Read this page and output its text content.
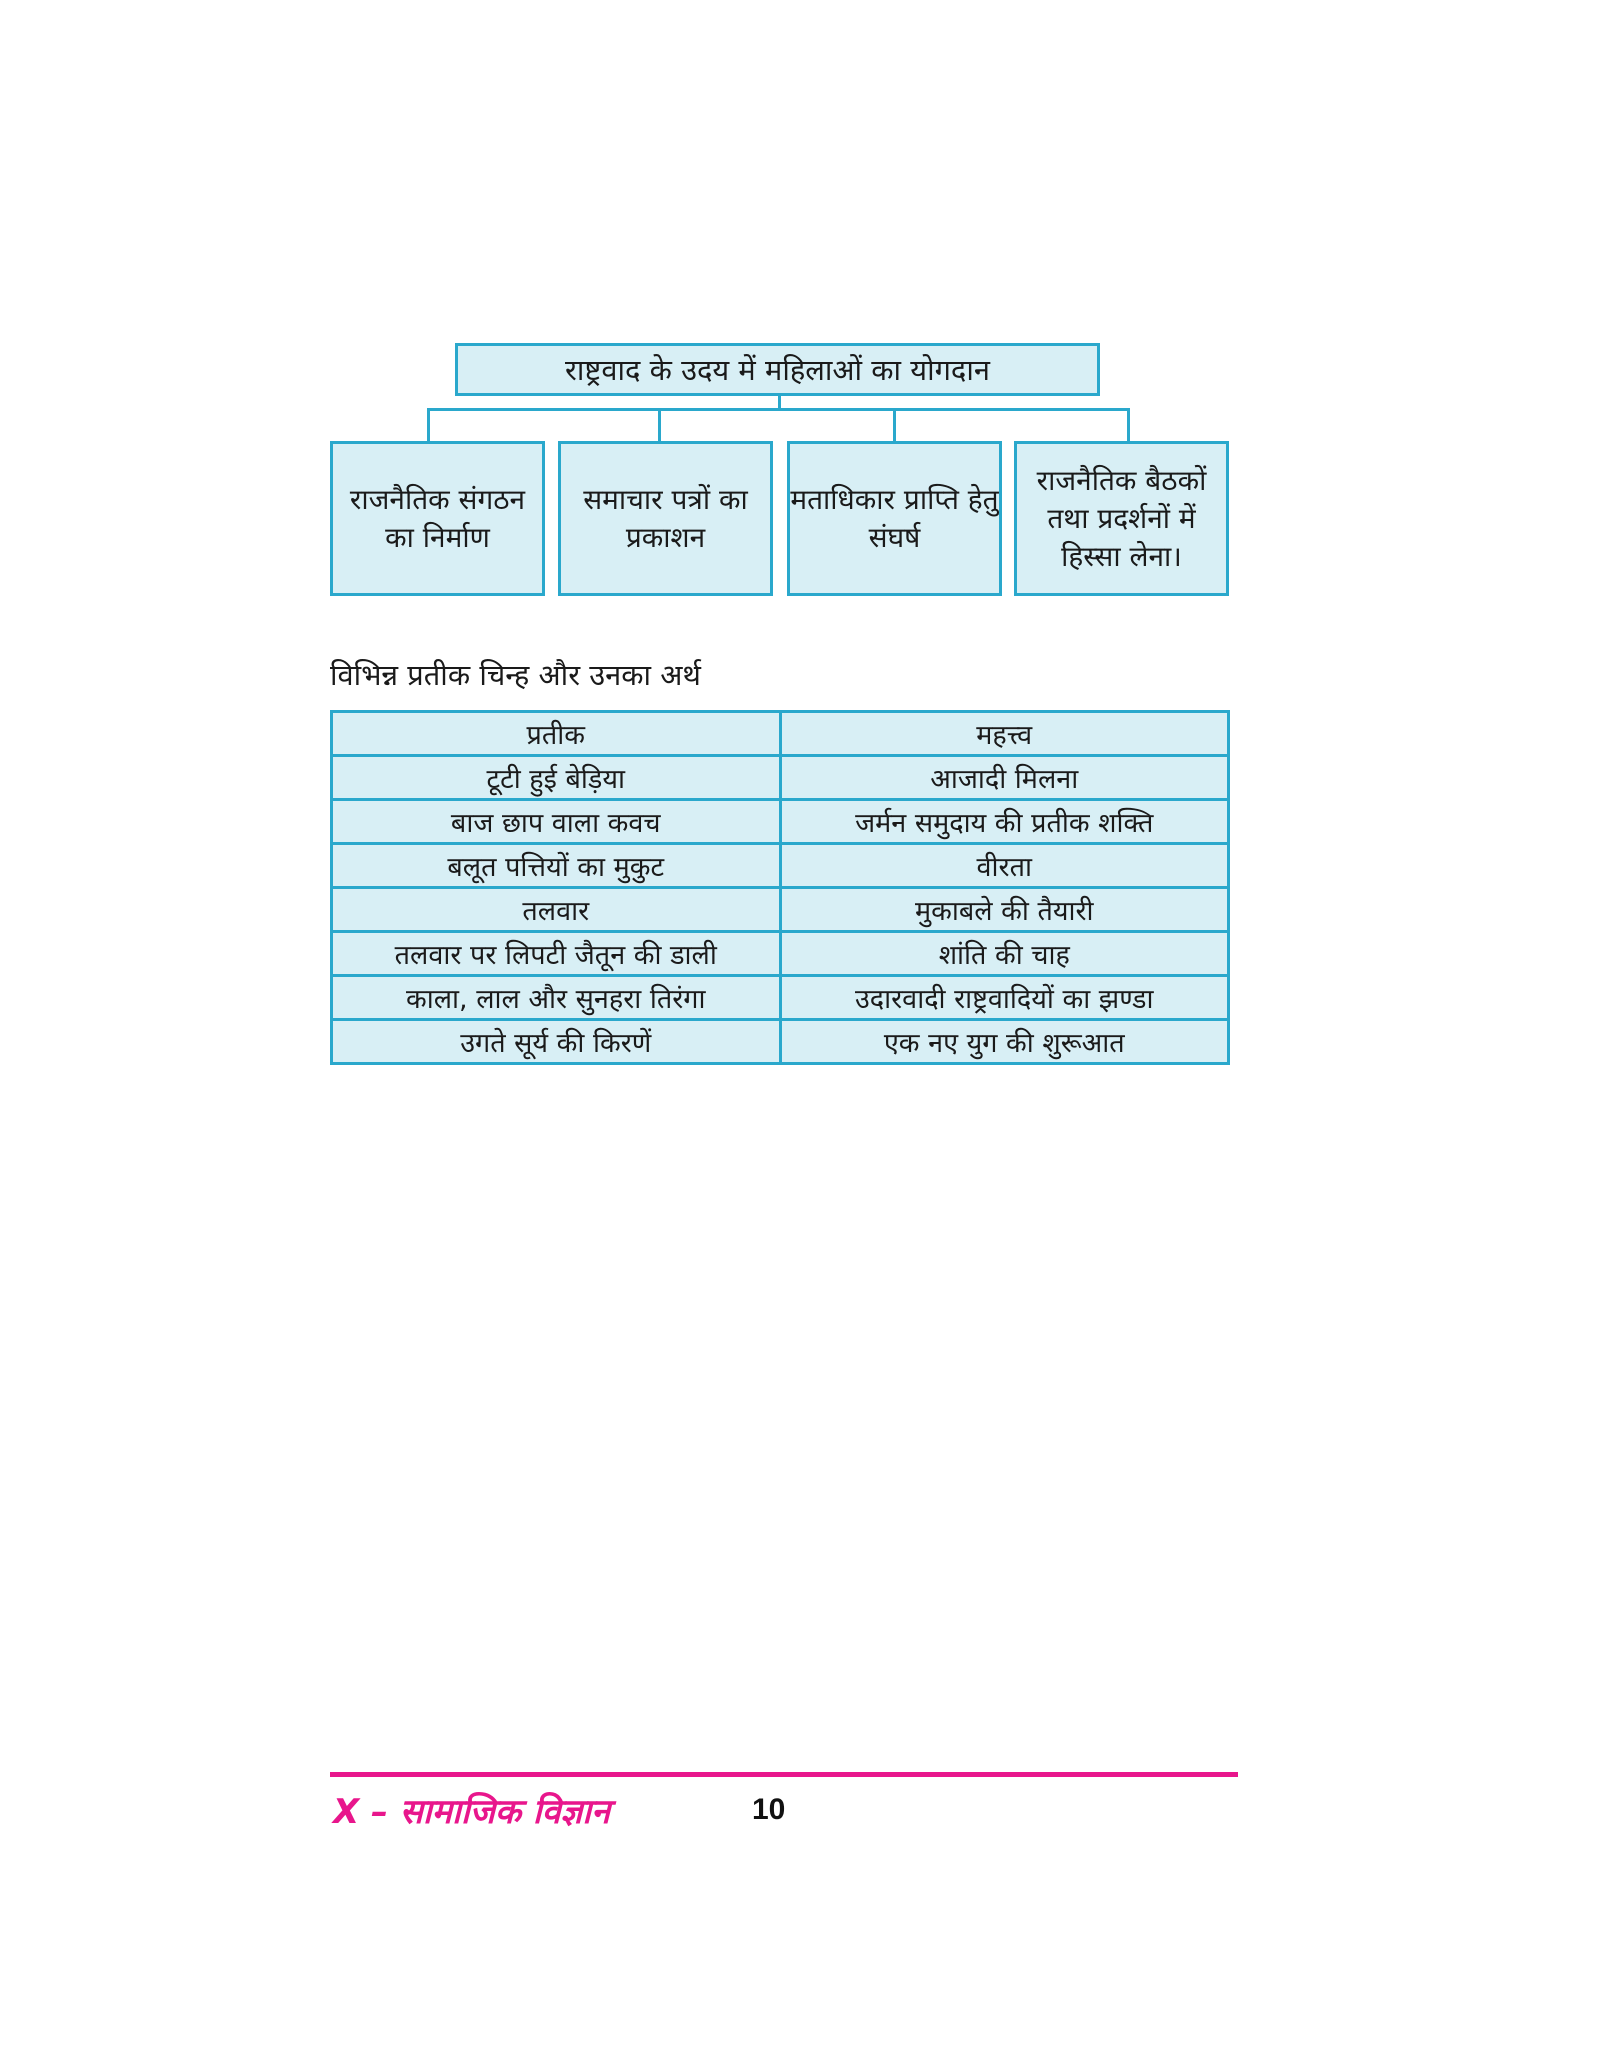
राष्ट्रवाद के उदय में महिलाओं का योगदान
राजनैतिक संगठन का निर्माण
समाचार पत्रों का प्रकाशन
मताधिकार प्राप्ति हेतु संघर्ष
राजनैतिक बैठकों तथा प्रदर्शनों में हिस्सा लेना।
विभिन्न प्रतीक चिन्ह और उनका अर्थ
प्रतीक	महत्त्व
टूटी हुई बेड़िया	आजादी मिलना
बाज छाप वाला कवच	जर्मन समुदाय की प्रतीक शक्ति
बलूत पत्तियों का मुकुट	वीरता
तलवार	मुकाबले की तैयारी
तलवार पर लिपटी जैतून की डाली	शांति की चाह
काला, लाल और सुनहरा तिरंगा	उदारवादी राष्ट्रवादियों का झण्डा
उगते सूर्य की किरणें	एक नए युग की शुरूआत
X – सामाजिक विज्ञान	10
